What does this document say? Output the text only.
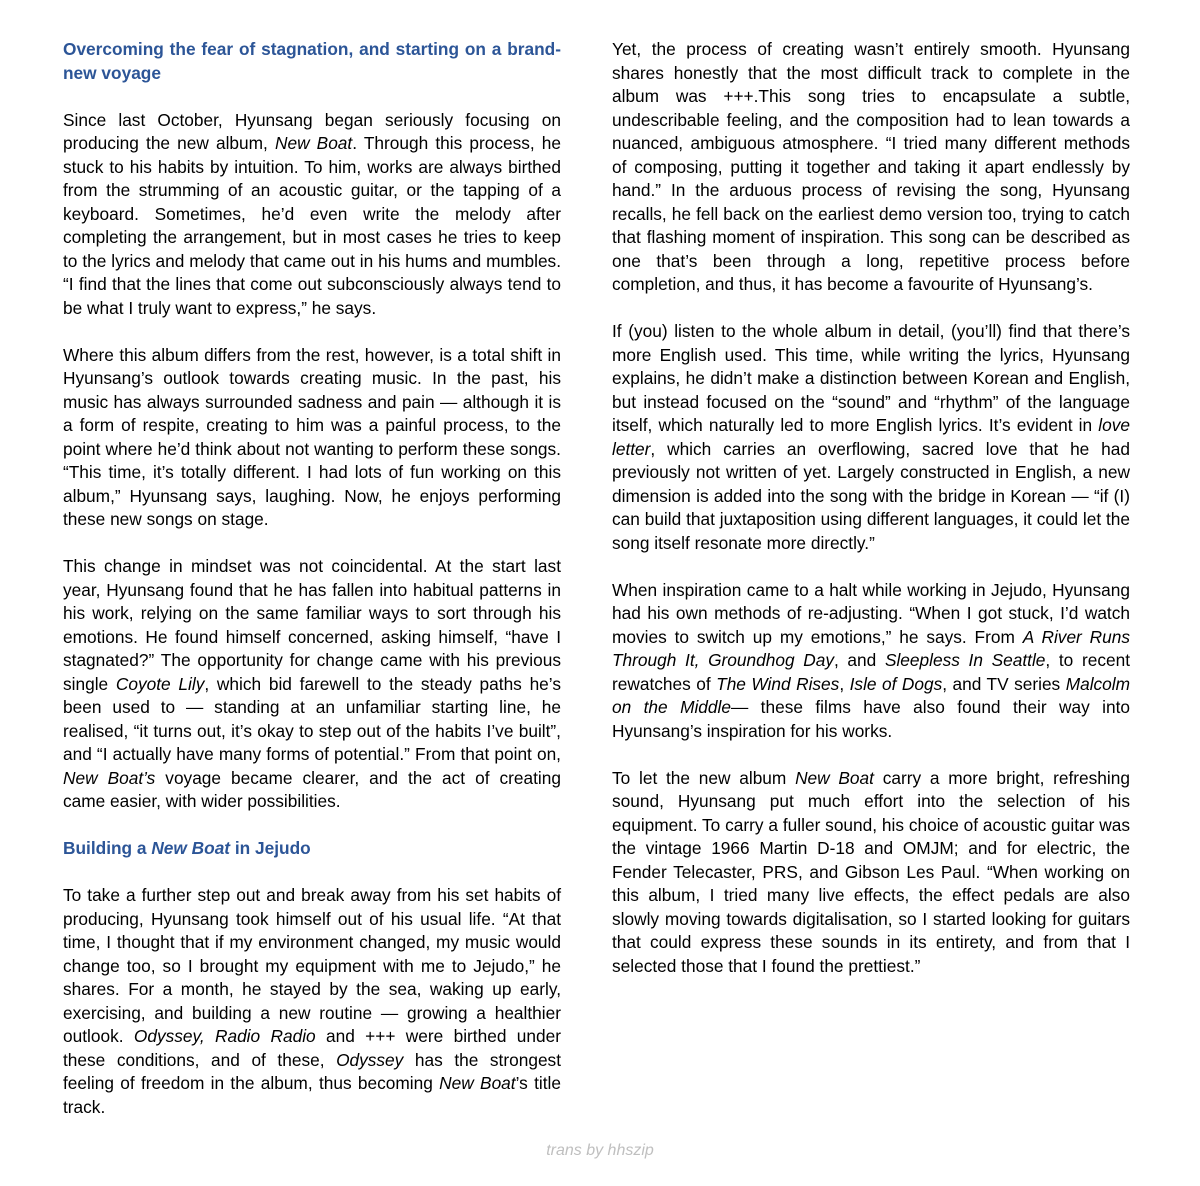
Overcoming the fear of stagnation, and starting on a brand-new voyage

Since last October, Hyunsang began seriously focusing on producing the new album, New Boat. Through this process, he stuck to his habits by intuition. To him, works are always birthed from the strumming of an acoustic guitar, or the tapping of a keyboard. Sometimes, he’d even write the melody after completing the arrangement, but in most cases he tries to keep to the lyrics and melody that came out in his hums and mumbles. “I find that the lines that come out subconsciously always tend to be what I truly want to express,” he says.

Where this album differs from the rest, however, is a total shift in Hyunsang’s outlook towards creating music. In the past, his music has always surrounded sadness and pain — although it is a form of respite, creating to him was a painful process, to the point where he’d think about not wanting to perform these songs. “This time, it’s totally different. I had lots of fun working on this album,” Hyunsang says, laughing. Now, he enjoys performing these new songs on stage.

This change in mindset was not coincidental. At the start last year, Hyunsang found that he has fallen into habitual patterns in his work, relying on the same familiar ways to sort through his emotions. He found himself concerned, asking himself, “have I stagnated?” The opportunity for change came with his previous single Coyote Lily, which bid farewell to the steady paths he’s been used to — standing at an unfamiliar starting line, he realised, “it turns out, it’s okay to step out of the habits I’ve built”, and “I actually have many forms of potential.” From that point on, New Boat’s voyage became clearer, and the act of creating came easier, with wider possibilities.

Building a New Boat in Jejudo

To take a further step out and break away from his set habits of producing, Hyunsang took himself out of his usual life. “At that time, I thought that if my environment changed, my music would change too, so I brought my equipment with me to Jejudo,” he shares. For a month, he stayed by the sea, waking up early, exercising, and building a new routine — growing a healthier outlook. Odyssey, Radio Radio and +++ were birthed under these conditions, and of these, Odyssey has the strongest feeling of freedom in the album, thus becoming New Boat’s title track.

Yet, the process of creating wasn’t entirely smooth. Hyunsang shares honestly that the most difficult track to complete in the album was +++.This song tries to encapsulate a subtle, undescribable feeling, and the composition had to lean towards a nuanced, ambiguous atmosphere. “I tried many different methods of composing, putting it together and taking it apart endlessly by hand.” In the arduous process of revising the song, Hyunsang recalls, he fell back on the earliest demo version too, trying to catch that flashing moment of inspiration. This song can be described as one that’s been through a long, repetitive process before completion, and thus, it has become a favourite of Hyunsang’s.

If (you) listen to the whole album in detail, (you’ll) find that there’s more English used. This time, while writing the lyrics, Hyunsang explains, he didn’t make a distinction between Korean and English, but instead focused on the “sound” and “rhythm” of the language itself, which naturally led to more English lyrics. It’s evident in love letter, which carries an overflowing, sacred love that he had previously not written of yet. Largely constructed in English, a new dimension is added into the song with the bridge in Korean — “if (I) can build that juxtaposition using different languages, it could let the song itself resonate more directly.”

When inspiration came to a halt while working in Jejudo, Hyunsang had his own methods of re-adjusting. “When I got stuck, I’d watch movies to switch up my emotions,” he says. From A River Runs Through It, Groundhog Day, and Sleepless In Seattle, to recent rewatches of The Wind Rises, Isle of Dogs, and TV series Malcolm on the Middle— these films have also found their way into Hyunsang’s inspiration for his works.

To let the new album New Boat carry a more bright, refreshing sound, Hyunsang put much effort into the selection of his equipment. To carry a fuller sound, his choice of acoustic guitar was the vintage 1966 Martin D-18 and OMJM; and for electric, the Fender Telecaster, PRS, and Gibson Les Paul. “When working on this album, I tried many live effects, the effect pedals are also slowly moving towards digitalisation, so I started looking for guitars that could express these sounds in its entirety, and from that I selected those that I found the prettiest.”

trans by hhszip
